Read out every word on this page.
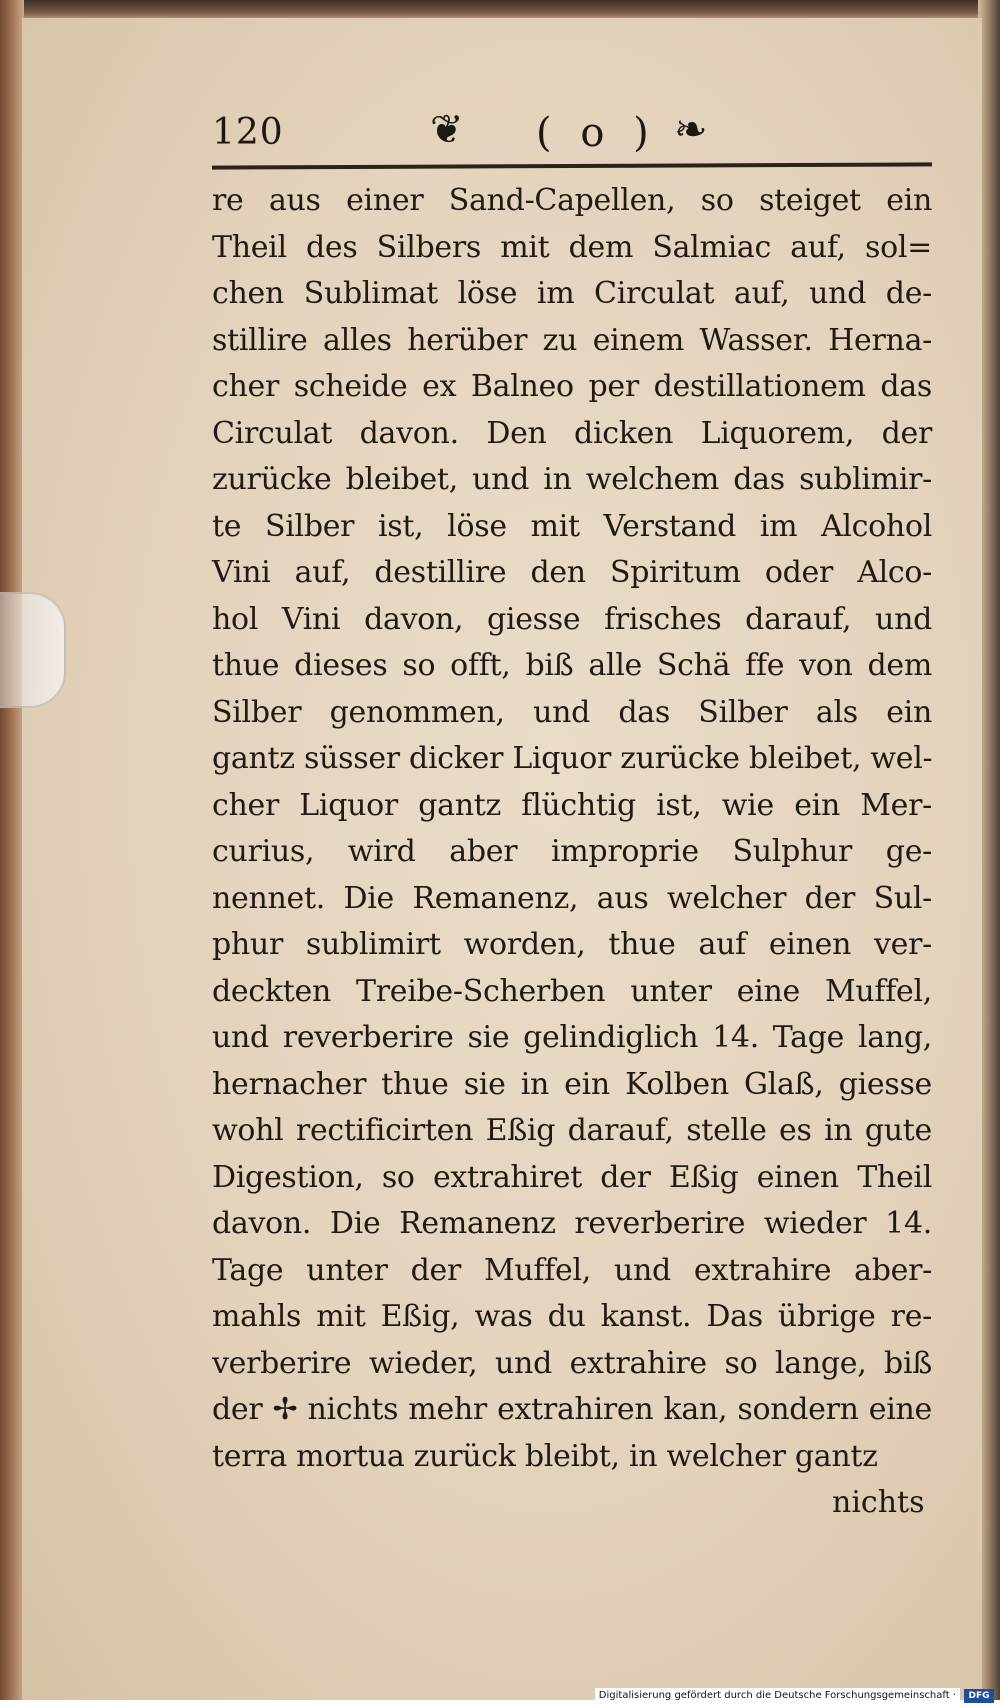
120	❦ ( o ) ❧
re aus einer Sand-Capellen, so steiget ein
Theil des Silbers mit dem Salmiac auf, sol=
chen Sublimat löse im Circulat auf, und de-
stillire alles herüber zu einem Wasser. Herna-
cher scheide ex Balneo per destillationem das
Circulat davon. Den dicken Liquorem, der
zurücke bleibet, und in welchem das sublimir-
te Silber ist, löse mit Verstand im Alcohol
Vini auf, destillire den Spiritum oder Alco-
hol Vini davon, giesse frisches darauf, und
thue dieses so offt, biß alle Schä ffe von dem
Silber genommen, und das Silber als ein
gantz süsser dicker Liquor zurücke bleibet, wel-
cher Liquor gantz flüchtig ist, wie ein Mer-
curius, wird aber improprie Sulphur ge-
nennet. Die Remanenz, aus welcher der Sul-
phur sublimirt worden, thue auf einen ver-
deckten Treibe-Scherben unter eine Muffel,
und reverberire sie gelindiglich 14. Tage lang,
hernacher thue sie in ein Kolben Glaß, giesse
wohl rectificirten Eßig darauf, stelle es in gute
Digestion, so extrahiret der Eßig einen Theil
davon. Die Remanenz reverberire wieder 14.
Tage unter der Muffel, und extrahire aber-
mahls mit Eßig, was du kanst. Das übrige re-
verberire wieder, und extrahire so lange, biß
der ✢ nichts mehr extrahiren kan, sondern eine
terra mortua zurück bleibt, in welcher gantz
nichts
Digitalisierung gefördert durch die Deutsche Forschungsgemeinschaft ·	DFG
